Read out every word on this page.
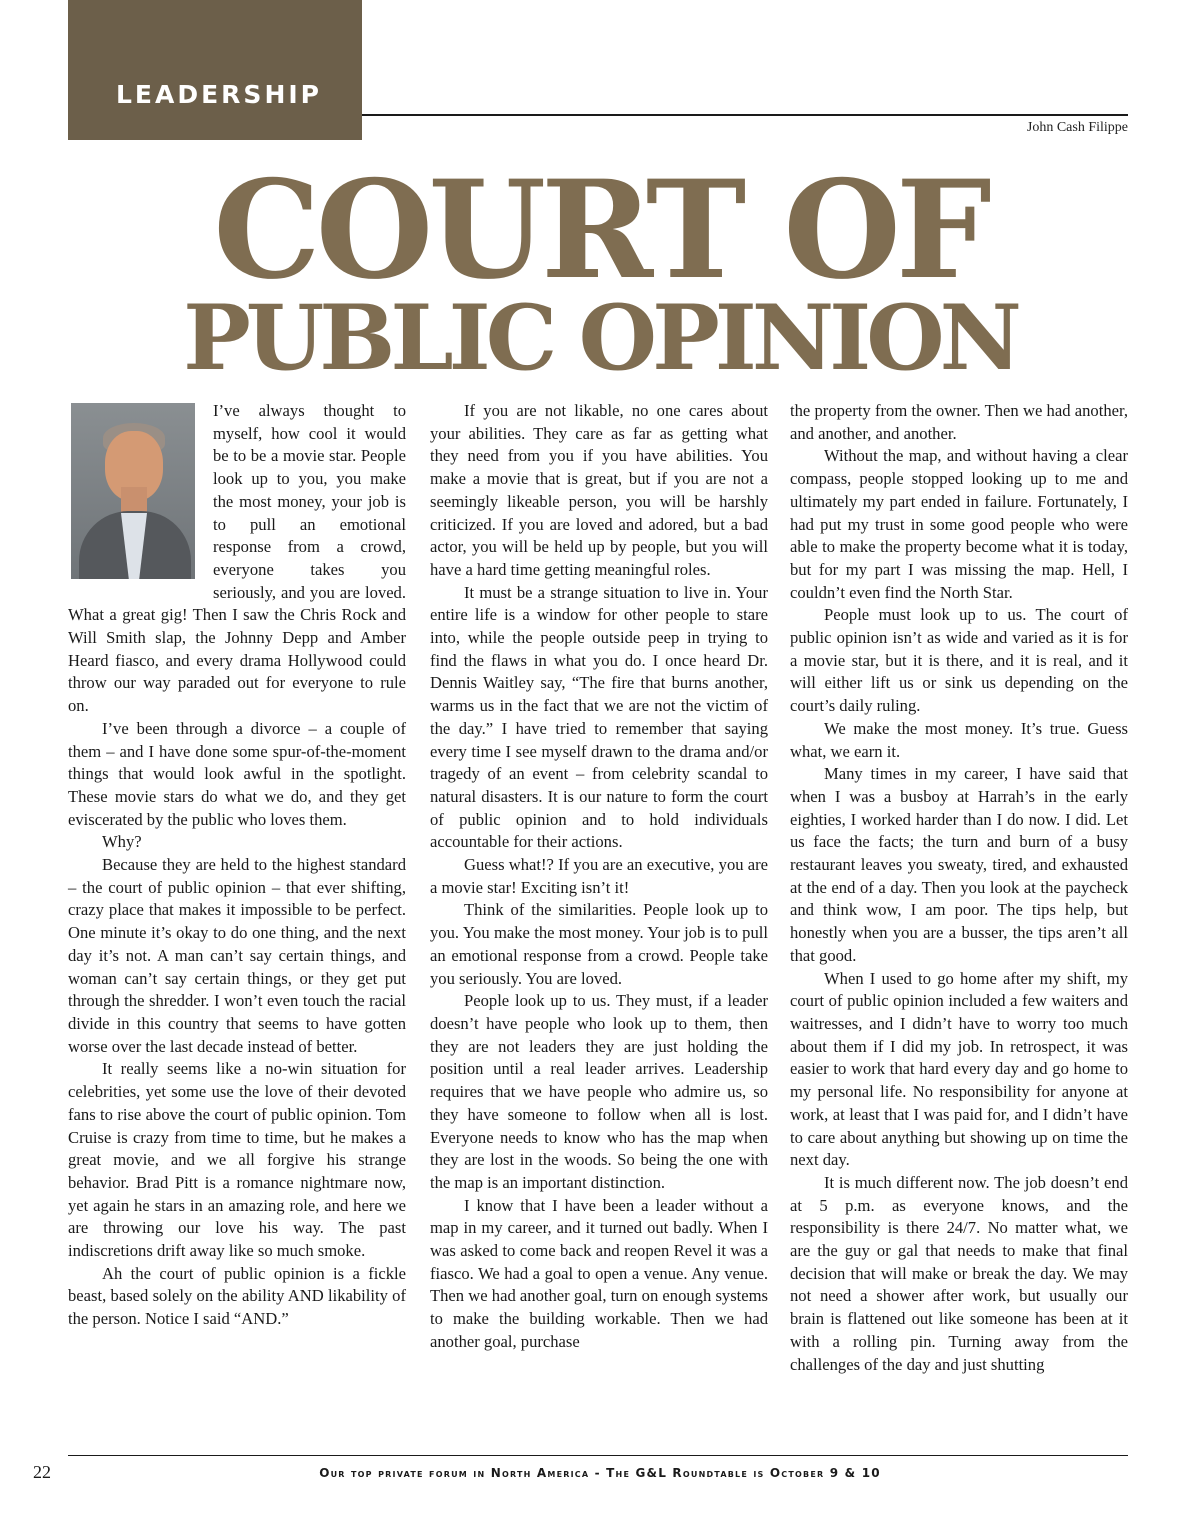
LEADERSHIP
John Cash Filippe
COURT OF
PUBLIC OPINION

I’ve always thought to myself, how cool it would be to be a movie star. People look up to you, you make the most money, your job is to pull an emotional response from a crowd, everyone takes you seriously, and you are loved. What a great gig! Then I saw the Chris Rock and Will Smith slap, the Johnny Depp and Amber Heard fiasco, and every drama Hollywood could throw our way paraded out for everyone to rule on.

I’ve been through a divorce – a couple of them – and I have done some spur-of-the-moment things that would look awful in the spotlight. These movie stars do what we do, and they get eviscerated by the public who loves them.

Why?

Because they are held to the highest standard – the court of public opinion – that ever shifting, crazy place that makes it impossible to be perfect. One minute it’s okay to do one thing, and the next day it’s not. A man can’t say certain things, and woman can’t say certain things, or they get put through the shredder. I won’t even touch the racial divide in this country that seems to have gotten worse over the last decade instead of better.

It really seems like a no-win situation for celebrities, yet some use the love of their devoted fans to rise above the court of public opinion. Tom Cruise is crazy from time to time, but he makes a great movie, and we all forgive his strange behavior. Brad Pitt is a romance nightmare now, yet again he stars in an amazing role, and here we are throwing our love his way. The past indiscretions drift away like so much smoke.

Ah the court of public opinion is a fickle beast, based solely on the ability AND likability of the person. Notice I said “AND.”

If you are not likable, no one cares about your abilities. They care as far as getting what they need from you if you have abilities. You make a movie that is great, but if you are not a seemingly likeable person, you will be harshly criticized. If you are loved and adored, but a bad actor, you will be held up by people, but you will have a hard time getting meaningful roles.

It must be a strange situation to live in. Your entire life is a window for other people to stare into, while the people outside peep in trying to find the flaws in what you do. I once heard Dr. Dennis Waitley say, “The fire that burns another, warms us in the fact that we are not the victim of the day.” I have tried to remember that saying every time I see myself drawn to the drama and/or tragedy of an event – from celebrity scandal to natural disasters. It is our nature to form the court of public opinion and to hold individuals accountable for their actions.

Guess what!? If you are an executive, you are a movie star! Exciting isn’t it!

Think of the similarities. People look up to you. You make the most money. Your job is to pull an emotional response from a crowd. People take you seriously. You are loved.

People look up to us. They must, if a leader doesn’t have people who look up to them, then they are not leaders they are just holding the position until a real leader arrives. Leadership requires that we have people who admire us, so they have someone to follow when all is lost. Everyone needs to know who has the map when they are lost in the woods. So being the one with the map is an important distinction.

I know that I have been a leader without a map in my career, and it turned out badly. When I was asked to come back and reopen Revel it was a fiasco. We had a goal to open a venue. Any venue. Then we had another goal, turn on enough systems to make the building workable. Then we had another goal, purchase

the property from the owner. Then we had another, and another, and another.

Without the map, and without having a clear compass, people stopped looking up to me and ultimately my part ended in failure. Fortunately, I had put my trust in some good people who were able to make the property become what it is today, but for my part I was missing the map. Hell, I couldn’t even find the North Star.

People must look up to us. The court of public opinion isn’t as wide and varied as it is for a movie star, but it is there, and it is real, and it will either lift us or sink us depending on the court’s daily ruling.

We make the most money. It’s true. Guess what, we earn it.

Many times in my career, I have said that when I was a busboy at Harrah’s in the early eighties, I worked harder than I do now. I did. Let us face the facts; the turn and burn of a busy restaurant leaves you sweaty, tired, and exhausted at the end of a day. Then you look at the paycheck and think wow, I am poor. The tips help, but honestly when you are a busser, the tips aren’t all that good.

When I used to go home after my shift, my court of public opinion included a few waiters and waitresses, and I didn’t have to worry too much about them if I did my job. In retrospect, it was easier to work that hard every day and go home to my personal life. No responsibility for anyone at work, at least that I was paid for, and I didn’t have to care about anything but showing up on time the next day.

It is much different now. The job doesn’t end at 5 p.m. as everyone knows, and the responsibility is there 24/7. No matter what, we are the guy or gal that needs to make that final decision that will make or break the day. We may not need a shower after work, but usually our brain is flattened out like someone has been at it with a rolling pin. Turning away from the challenges of the day and just shutting

22	Our top private forum in North America - The G&L Roundtable is October 9 & 10
